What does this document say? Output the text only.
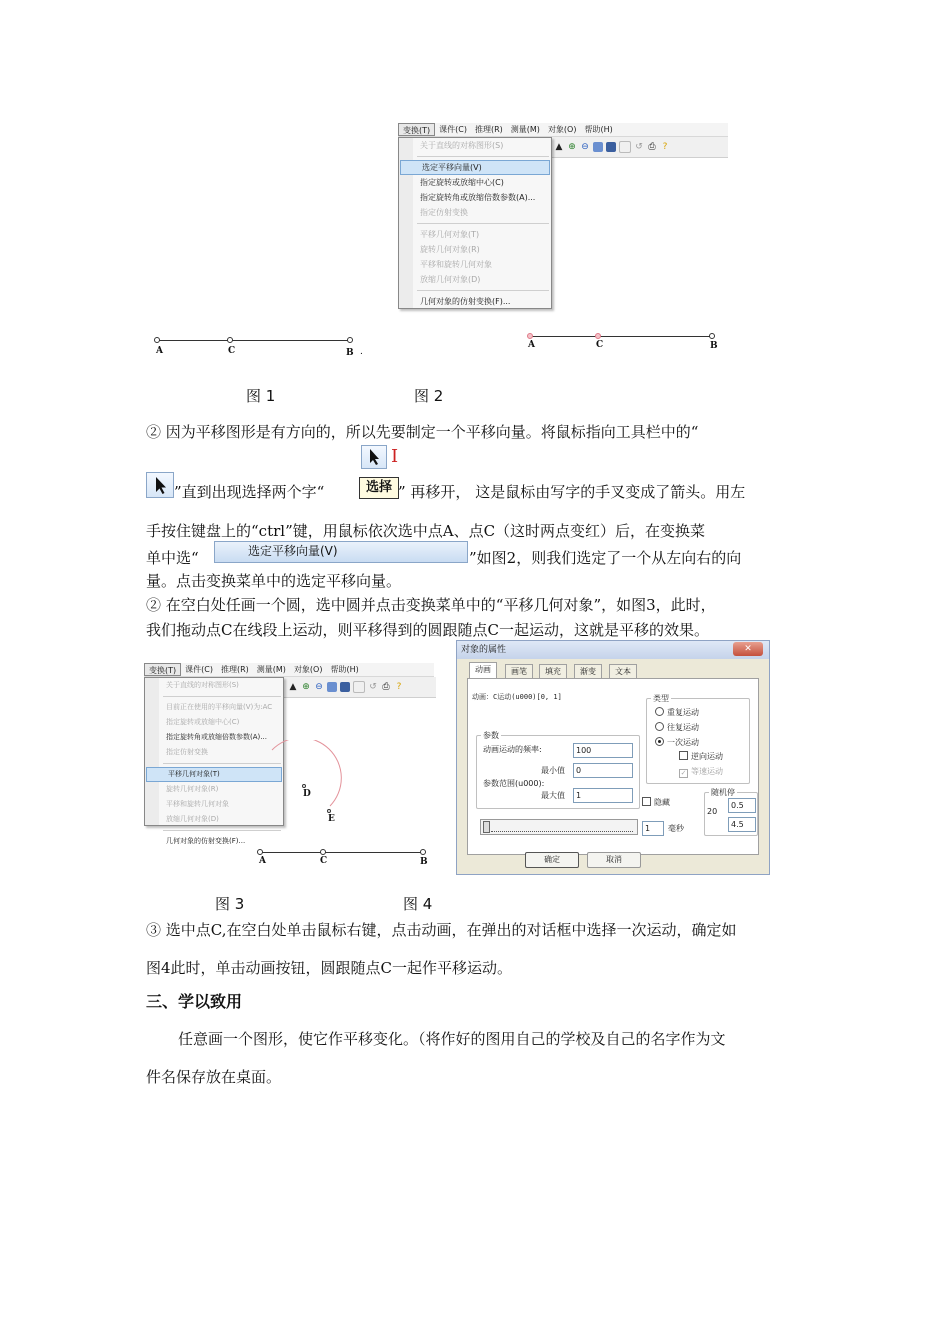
变换(T)	课件(C)	推理(R)	测量(M)	对象(O)	帮助(H)
▲ ⊕ ⊖	↺ ⎙ ?
关于直线的对称图形(S)
选定平移向量(V)
指定旋转或放缩中心(C)
指定旋转角或放缩倍数参数(A)...
指定仿射变换
平移几何对象(T)
旋转几何对象(R)
平移和旋转几何对象
放缩几何对象(D)
几何对象的仿射变换(F)...
A	C	B .
A	C	B
图 1	图 2
② 因为平移图形是有方向的，所以先要制定一个平移向量。将鼠标指向工具栏中的“
I
”直到出现选择两个字“	选择 ” 再移开， 这是鼠标由写字的手叉变成了箭头。用左
手按住键盘上的“ctrl”键，用鼠标依次选中点A、点C（这时两点变红）后，在变换菜
单中选“	选定平移向量(V)	”如图2，则我们选定了一个从左向右的向
量。点击变换菜单中的选定平移向量。
② 在空白处任画一个圆，选中圆并点击变换菜单中的“平移几何对象”，如图3，此时，
我们拖动点C在线段上运动，则平移得到的圆跟随点C一起运动，这就是平移的效果。
变换(T)	课件(C)	推理(R)	测量(M)	对象(O)	帮助(H)
▲ ⊕ ⊖	↺ ⎙ ?
关于直线的对称图形(S)
目前正在使用的平移向量(V)为:AC
指定旋转或放缩中心(C)
指定旋转角或放缩倍数参数(A)...
指定仿射变换
平移几何对象(T)
旋转几何对象(R)
平移和旋转几何对象
放缩几何对象(D)
几何对象的仿射变换(F)...
D
E
A	C	B
对象的属性	✕
动画	画笔	填充	渐变	文本
动画：C运动(u000)[0, 1]
参数
动画运动的频率:	100
最小值	0
参数范围(u000):
最大值	1
类型
重复运动
往复运动
一次运动
逆向运动
✓ 等速运动
隐藏
随机停
0.5
20
4.5
1	毫秒
确定	取消
图 3	图 4
③ 选中点C,在空白处单击鼠标右键，点击动画，在弹出的对话框中选择一次运动，确定如
图4此时，单击动画按钮，圆跟随点C一起作平移运动。
三、学以致用
任意画一个图形，使它作平移变化。（将作好的图用自己的学校及自己的名字作为文
件名保存放在桌面。
